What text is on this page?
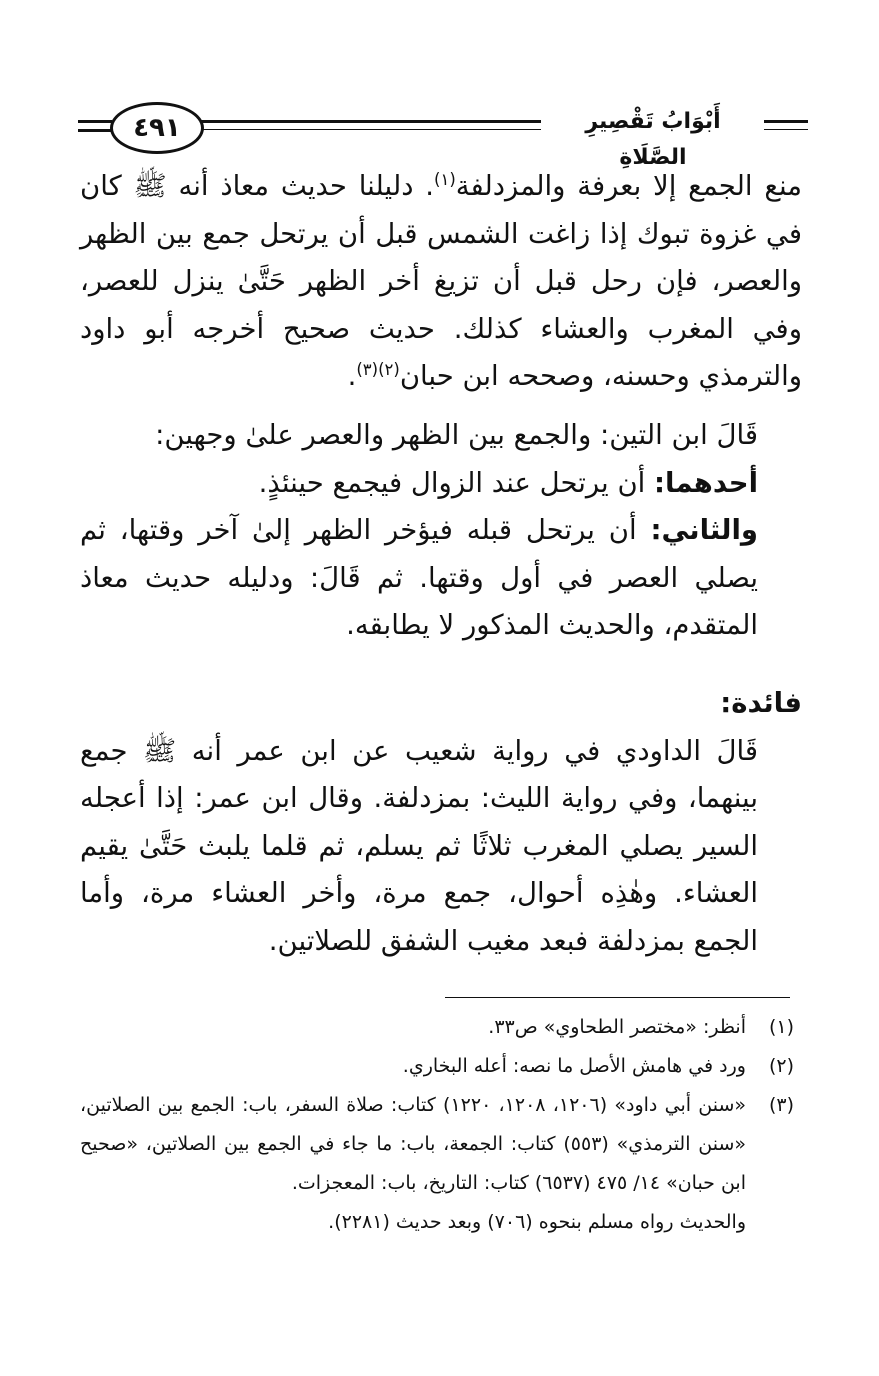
٤٩١	أَبْوَابُ تَقْصِيرِ الصَّلَاةِ

منع الجمع إلا بعرفة والمزدلفة$^{(١)}$. دليلنا حديث معاذ أنه ﷺ كان في غزوة تبوك إذا زاغت الشمس قبل أن يرتحل جمع بين الظهر والعصر، فإن رحل قبل أن تزيغ أخر الظهر حَتَّىٰ ينزل للعصر، وفي المغرب والعشاء كذلك. حديث صحيح أخرجه أبو داود والترمذي وحسنه، وصححه ابن حبان$^{(٢)(٣)}$.

قَالَ ابن التين: والجمع بين الظهر والعصر علىٰ وجهين:

أحدهما: أن يرتحل عند الزوال فيجمع حينئذٍ.

والثاني: أن يرتحل قبله فيؤخر الظهر إلىٰ آخر وقتها، ثم يصلي العصر في أول وقتها. ثم قَالَ: ودليله حديث معاذ المتقدم، والحديث المذكور لا يطابقه.

فائدة:

قَالَ الداودي في رواية شعيب عن ابن عمر أنه ﷺ جمع بينهما، وفي رواية الليث: بمزدلفة. وقال ابن عمر: إذا أعجله السير يصلي المغرب ثلاثًا ثم يسلم، ثم قلما يلبث حَتَّىٰ يقيم العشاء. وهٰذِه أحوال، جمع مرة، وأخر العشاء مرة، وأما الجمع بمزدلفة فبعد مغيب الشفق للصلاتين.

(١)
أنظر: «مختصر الطحاوي» ص٣٣.
(٢)
ورد في هامش الأصل ما نصه: أعله البخاري.
(٣)
«سنن أبي داود» (١٢٠٦، ١٢٠٨، ١٢٢٠) كتاب: صلاة السفر، باب: الجمع بين الصلاتين، «سنن الترمذي» (٥٥٣) كتاب: الجمعة، باب: ما جاء في الجمع بين الصلاتين، «صحيح ابن حبان» ١٤/ ٤٧٥ (٦٥٣٧) كتاب: التاريخ، باب: المعجزات.
والحديث رواه مسلم بنحوه (٧٠٦) وبعد حديث (٢٢٨١).
